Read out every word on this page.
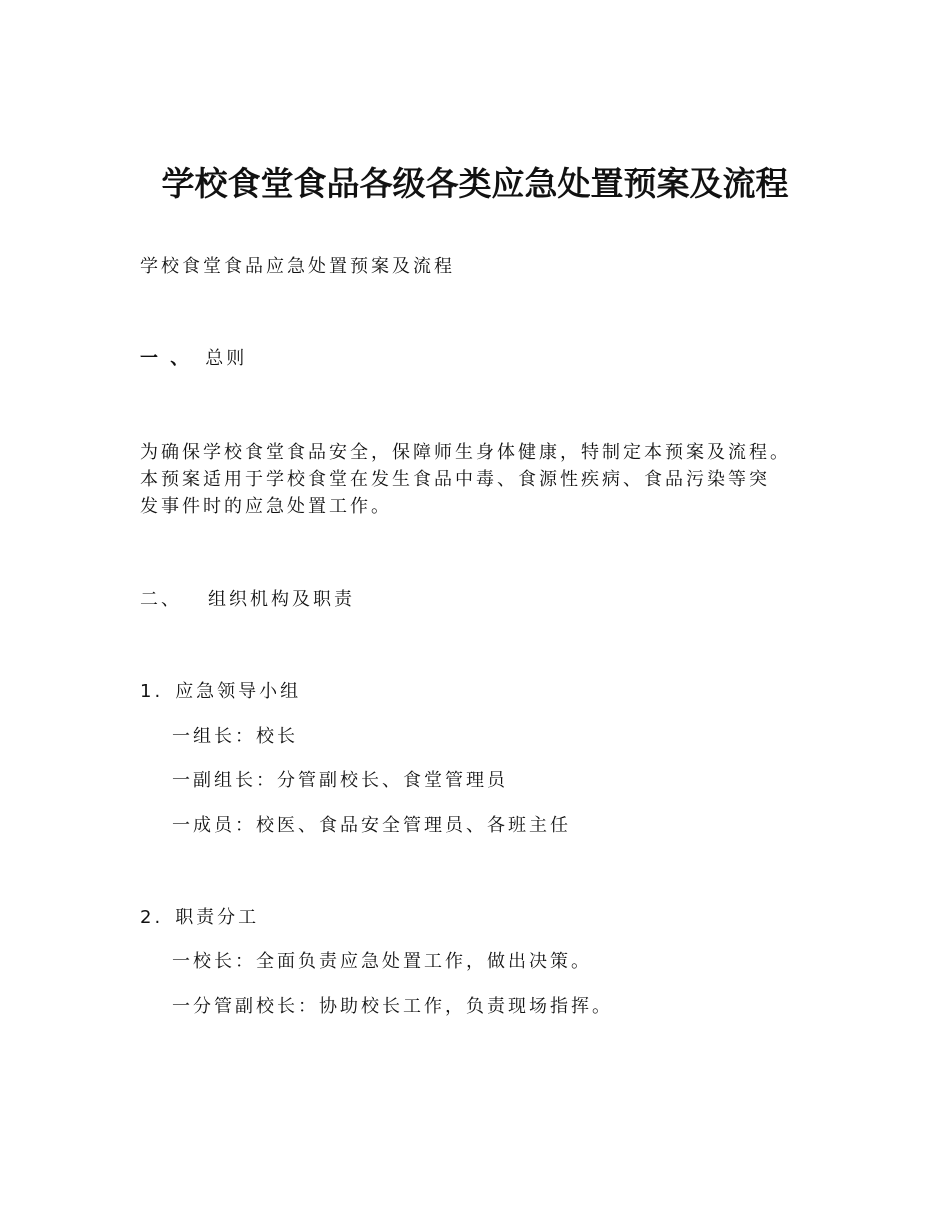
学校食堂食品各级各类应急处置预案及流程

学校食堂食品应急处置预案及流程

一 、 总则

为确保学校食堂食品安全，保障师生身体健康，特制定本预案及流程。

本预案适用于学校食堂在发生食品中毒、食源性疾病、食品污染等突

发事件时的应急处置工作。

二、 组织机构及职责

1. 应急领导小组

一组长：校长

一副组长：分管副校长、食堂管理员

一成员：校医、食品安全管理员、各班主任

2. 职责分工

一校长：全面负责应急处置工作，做出决策。

一分管副校长：协助校长工作，负责现场指挥。
